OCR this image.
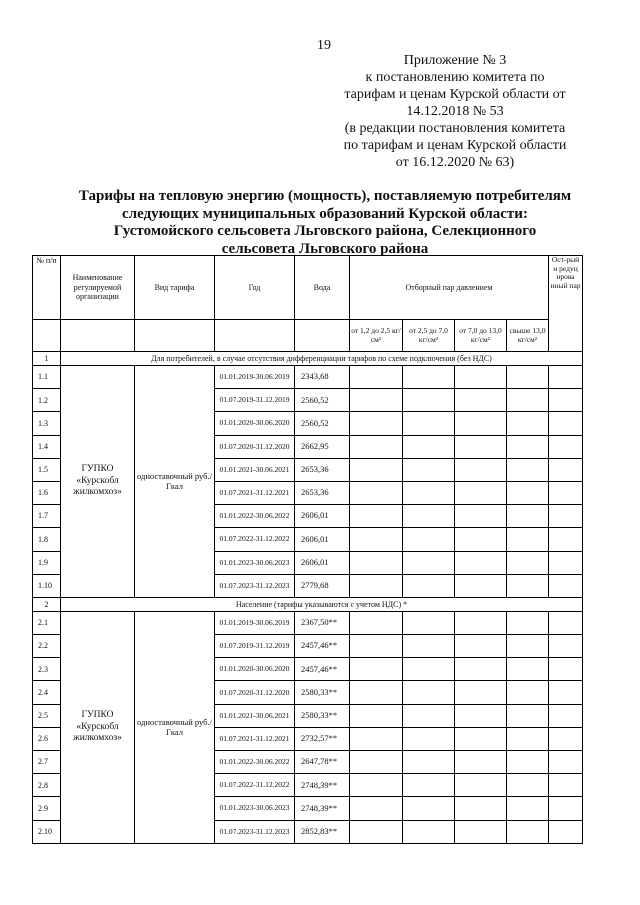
19
Приложение № 3
к постановлению комитета по
тарифам и ценам Курской области от
14.12.2018 № 53
(в редакции постановления комитета
по тарифам и ценам Курской области
от 16.12.2020 № 63)
Тарифы на тепловую энергию (мощность), поставляемую потребителям
следующих муниципальных образований Курской области:
Густомойского сельсовета Льговского района, Селекционного
сельсовета Льговского района
№ п/п	Наименование регулируемой организации	Вид тарифа	Год	Вода	Отборный пар давлением				Ост-рый и редуц ирова нный пар
					от 1,2 до 2,5 кг/см²	от 2,5 до 7,0 кг/см²	от 7,0 до 13,0 кг/см²	свыше 13,0 кг/см²	
1	Для потребителей, в случае отсутствия дифференциации тарифов по схеме подключения (без НДС)								
1.1	ГУПКО «Курскобл жилкомхоз»	одноставочный руб./Гкал	01.01.2019-30.06.2019	2343,68					
1.2			01.07.2019-31.12.2019	2560,52					
1.3			01.01.2020-30.06.2020	2560,52					
1.4			01.07.2020-31.12.2020	2662,95					
1.5			01.01.2021-30.06.2021	2653,36					
1.6			01.07.2021-31.12.2021	2653,36					
1.7			01.01.2022-30.06.2022	2606,01					
1.8			01.07.2022-31.12.2022	2606,01					
1.9			01.01.2023-30.06.2023	2606,01					
1.10			01.07.2023-31.12.2023	2779,68					
2	Население (тарифы указываются с учетом НДС) *								
2.1	ГУПКО «Курскобл жилкомхоз»	одноставочный руб./Гкал	01.01.2019-30.06.2019	2367,50**					
2.2			01.07.2019-31.12.2019	2457,46**					
2.3			01.01.2020-30.06.2020	2457,46**					
2.4			01.07.2020-31.12.2020	2580,33**					
2.5			01.01.2021-30.06.2021	2580,33**					
2.6			01.07.2021-31.12.2021	2732,57**					
2.7			01.01.2022-30.06.2022	2647,78**					
2.8			01.07.2022-31.12.2022	2748,39**					
2.9			01.01.2023-30.06.2023	2748,39**					
2.10			01.07.2023-31.12.2023	2852,83**					
